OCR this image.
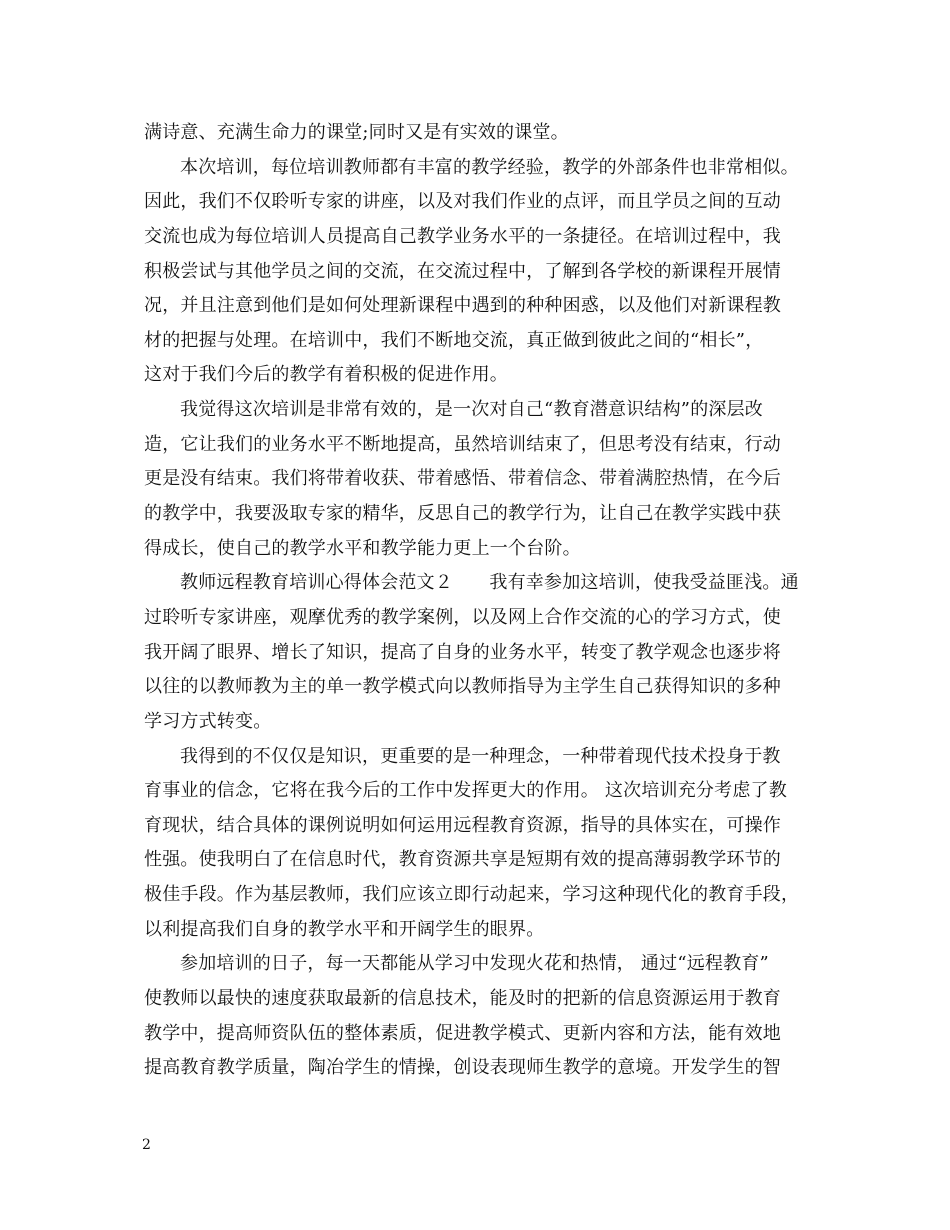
满诗意、充满生命力的课堂;同时又是有实效的课堂。
本次培训，每位培训教师都有丰富的教学经验，教学的外部条件也非常相似。
因此，我们不仅聆听专家的讲座，以及对我们作业的点评，而且学员之间的互动
交流也成为每位培训人员提高自己教学业务水平的一条捷径。在培训过程中，我
积极尝试与其他学员之间的交流，在交流过程中，了解到各学校的新课程开展情
况，并且注意到他们是如何处理新课程中遇到的种种困惑，以及他们对新课程教
材的把握与处理。在培训中，我们不断地交流，真正做到彼此之间的“相长”，
这对于我们今后的教学有着积极的促进作用。
我觉得这次培训是非常有效的，是一次对自己“教育潜意识结构”的深层改
造，它让我们的业务水平不断地提高，虽然培训结束了，但思考没有结束，行动
更是没有结束。我们将带着收获、带着感悟、带着信念、带着满腔热情，在今后
的教学中，我要汲取专家的精华，反思自己的教学行为，让自己在教学实践中获
得成长，使自己的教学水平和教学能力更上一个台阶。
教师远程教育培训心得体会范文２　　我有幸参加这培训，使我受益匪浅。通
过聆听专家讲座，观摩优秀的教学案例，以及网上合作交流的心的学习方式，使
我开阔了眼界、增长了知识，提高了自身的业务水平，转变了教学观念也逐步将
以往的以教师教为主的单一教学模式向以教师指导为主学生自己获得知识的多种
学习方式转变。
我得到的不仅仅是知识，更重要的是一种理念，一种带着现代技术投身于教
育事业的信念，它将在我今后的工作中发挥更大的作用。 这次培训充分考虑了教
育现状，结合具体的课例说明如何运用远程教育资源，指导的具体实在，可操作
性强。使我明白了在信息时代，教育资源共享是短期有效的提高薄弱教学环节的
极佳手段。作为基层教师，我们应该立即行动起来，学习这种现代化的教育手段，
以利提高我们自身的教学水平和开阔学生的眼界。
参加培训的日子，每一天都能从学习中发现火花和热情， 通过“远程教育”
使教师以最快的速度获取最新的信息技术，能及时的把新的信息资源运用于教育
教学中，提高师资队伍的整体素质，促进教学模式、更新内容和方法，能有效地
提高教育教学质量，陶冶学生的情操，创设表现师生教学的意境。开发学生的智
2
